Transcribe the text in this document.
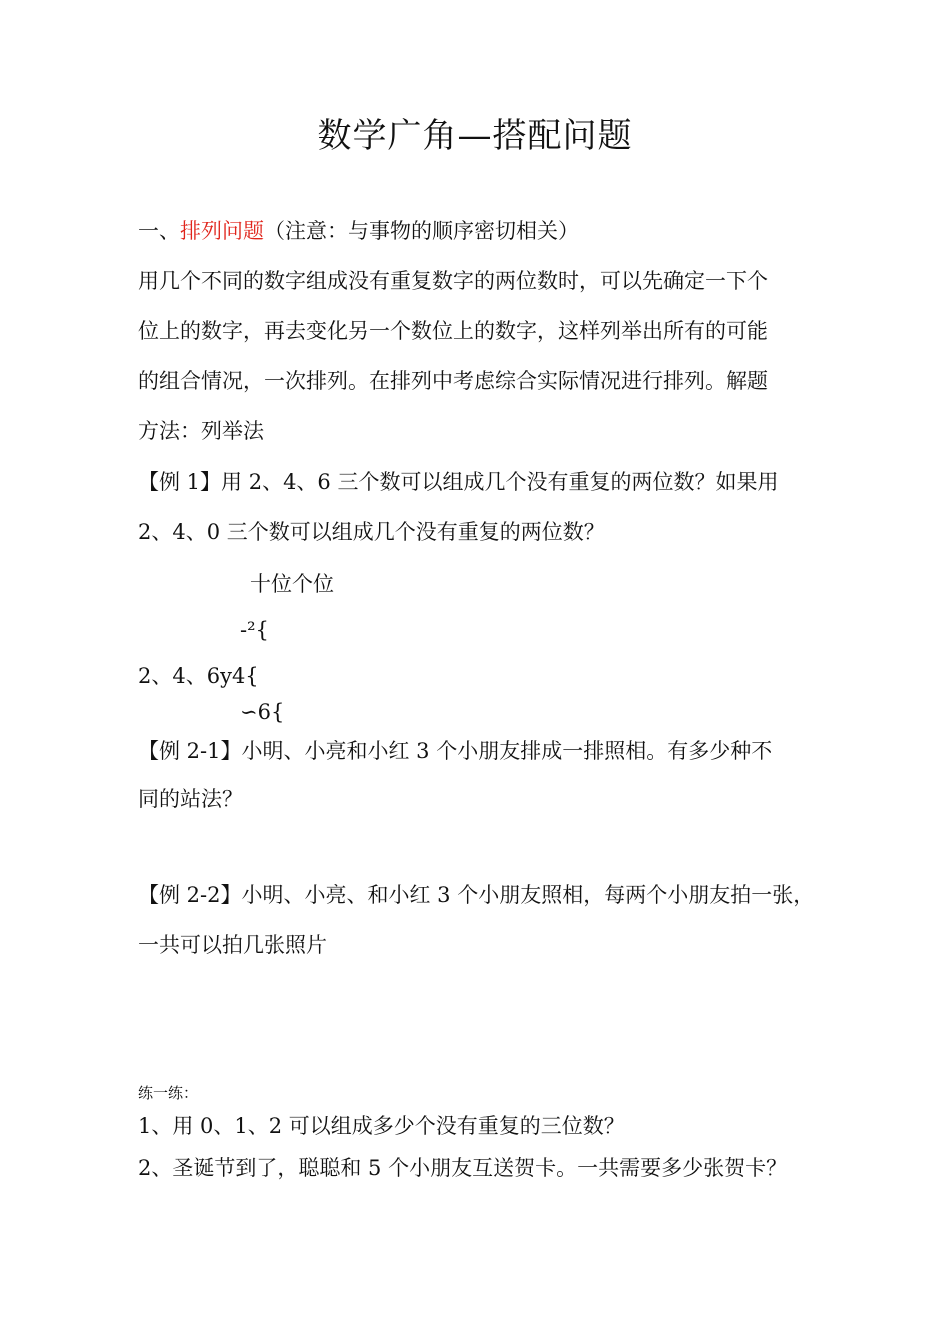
数学广角—搭配问题
一、排列问题（注意：与事物的顺序密切相关）
用几个不同的数字组成没有重复数字的两位数时，可以先确定一下个
位上的数字，再去变化另一个数位上的数字，这样列举出所有的可能
的组合情况，一次排列。在排列中考虑综合实际情况进行排列。解题
方法：列举法
【例 1】用 2、4、6 三个数可以组成几个没有重复的两位数？如果用
2、4、0 三个数可以组成几个没有重复的两位数？
十位个位
-²{
2、4、6y4{
∽6{
【例 2-1】小明、小亮和小红 3 个小朋友排成一排照相。有多少种不
同的站法？
【例 2-2】小明、小亮、和小红 3 个小朋友照相，每两个小朋友拍一张，
一共可以拍几张照片
练一练：
1、用 0、1、2 可以组成多少个没有重复的三位数？
2、圣诞节到了，聪聪和 5 个小朋友互送贺卡。一共需要多少张贺卡？
